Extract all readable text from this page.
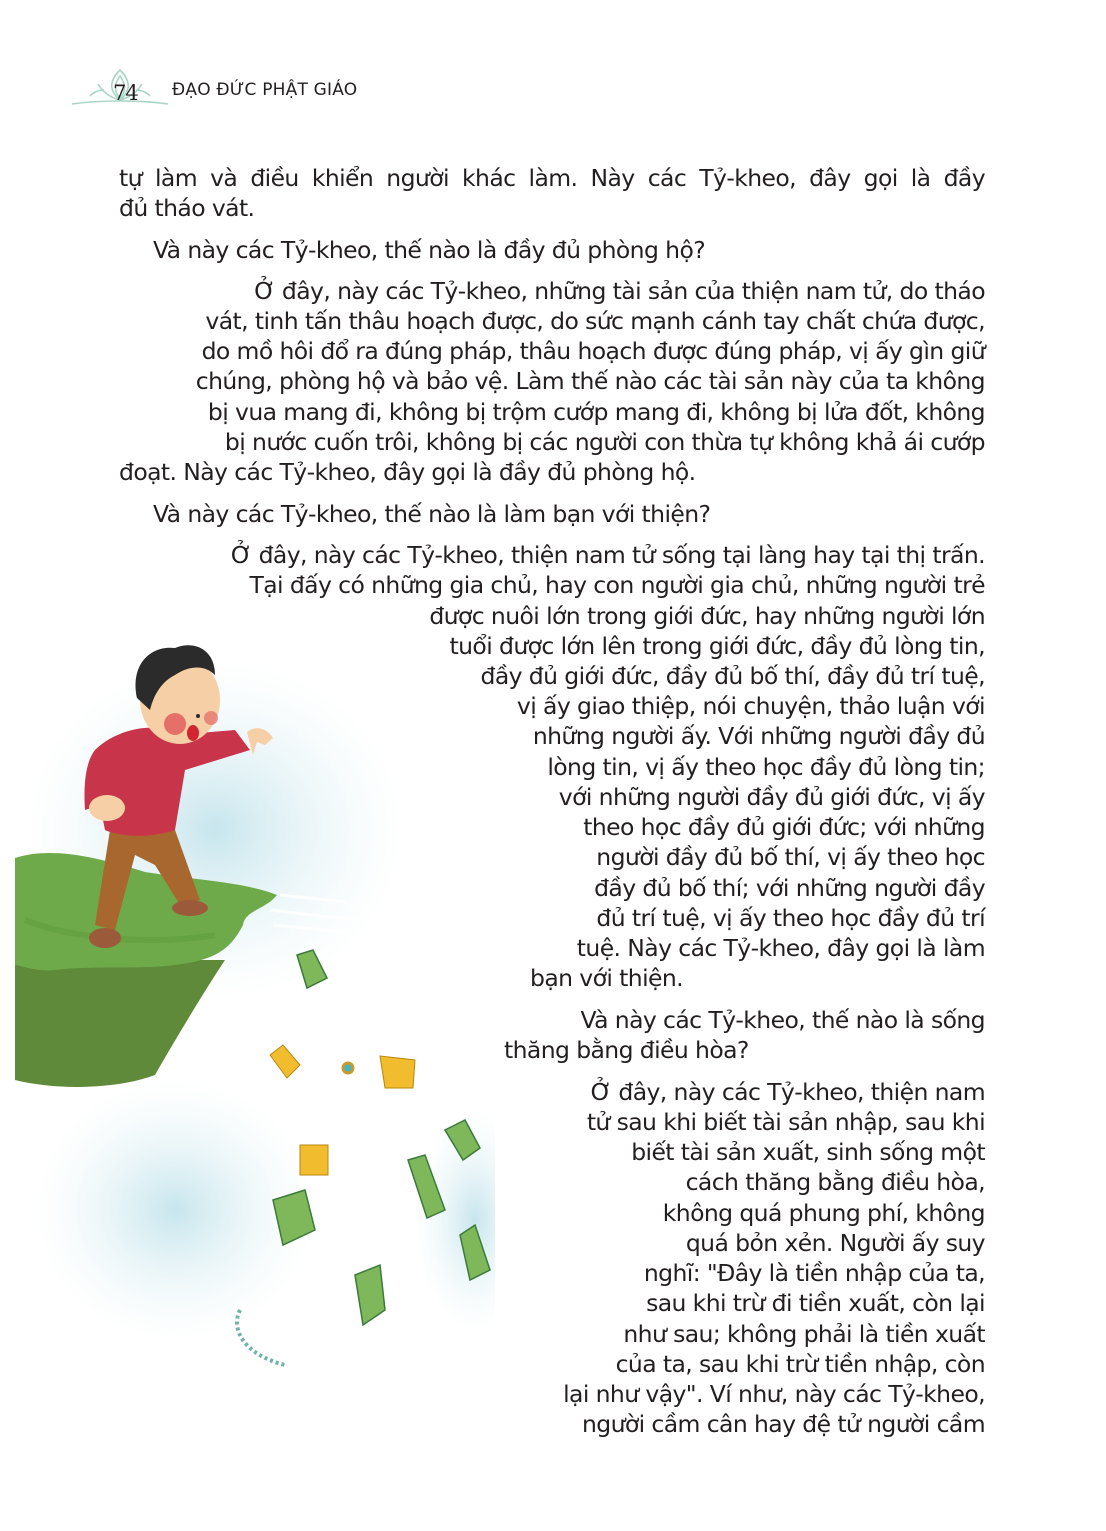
74 ĐẠO ĐỨC PHẬT GIÁO
tự làm và điều khiển người khác làm. Này các Tỷ-kheo, đây gọi là đầy
đủ tháo vát.
Và này các Tỷ-kheo, thế nào là đầy đủ phòng hộ?
Ở đây, này các Tỷ-kheo, những tài sản của thiện nam tử, do tháo
vát, tinh tấn thâu hoạch được, do sức mạnh cánh tay chất chứa được,
do mồ hôi đổ ra đúng pháp, thâu hoạch được đúng pháp, vị ấy gìn giữ
chúng, phòng hộ và bảo vệ. Làm thế nào các tài sản này của ta không
bị vua mang đi, không bị trộm cướp mang đi, không bị lửa đốt, không
bị nước cuốn trôi, không bị các người con thừa tự không khả ái cướp
đoạt. Này các Tỷ-kheo, đây gọi là đầy đủ phòng hộ.
Và này các Tỷ-kheo, thế nào là làm bạn với thiện?
Ở đây, này các Tỷ-kheo, thiện nam tử sống tại làng hay tại thị trấn.
Tại đấy có những gia chủ, hay con người gia chủ, những người trẻ
được nuôi lớn trong giới đức, hay những người lớn
tuổi được lớn lên trong giới đức, đầy đủ lòng tin,
đầy đủ giới đức, đầy đủ bố thí, đầy đủ trí tuệ,
vị ấy giao thiệp, nói chuyện, thảo luận với
những người ấy. Với những người đầy đủ
lòng tin, vị ấy theo học đầy đủ lòng tin;
với những người đầy đủ giới đức, vị ấy
theo học đầy đủ giới đức; với những
người đầy đủ bố thí, vị ấy theo học
đầy đủ bố thí; với những người đầy
đủ trí tuệ, vị ấy theo học đầy đủ trí
tuệ. Này các Tỷ-kheo, đây gọi là làm
bạn với thiện.
Và này các Tỷ-kheo, thế nào là sống
thăng bằng điều hòa?
Ở đây, này các Tỷ-kheo, thiện nam
tử sau khi biết tài sản nhập, sau khi
biết tài sản xuất, sinh sống một
cách thăng bằng điều hòa,
không quá phung phí, không
quá bỏn xẻn. Người ấy suy
nghĩ: "Đây là tiền nhập của ta,
sau khi trừ đi tiền xuất, còn lại
như sau; không phải là tiền xuất
của ta, sau khi trừ tiền nhập, còn
lại như vậy". Ví như, này các Tỷ-kheo,
người cầm cân hay đệ tử người cầm
